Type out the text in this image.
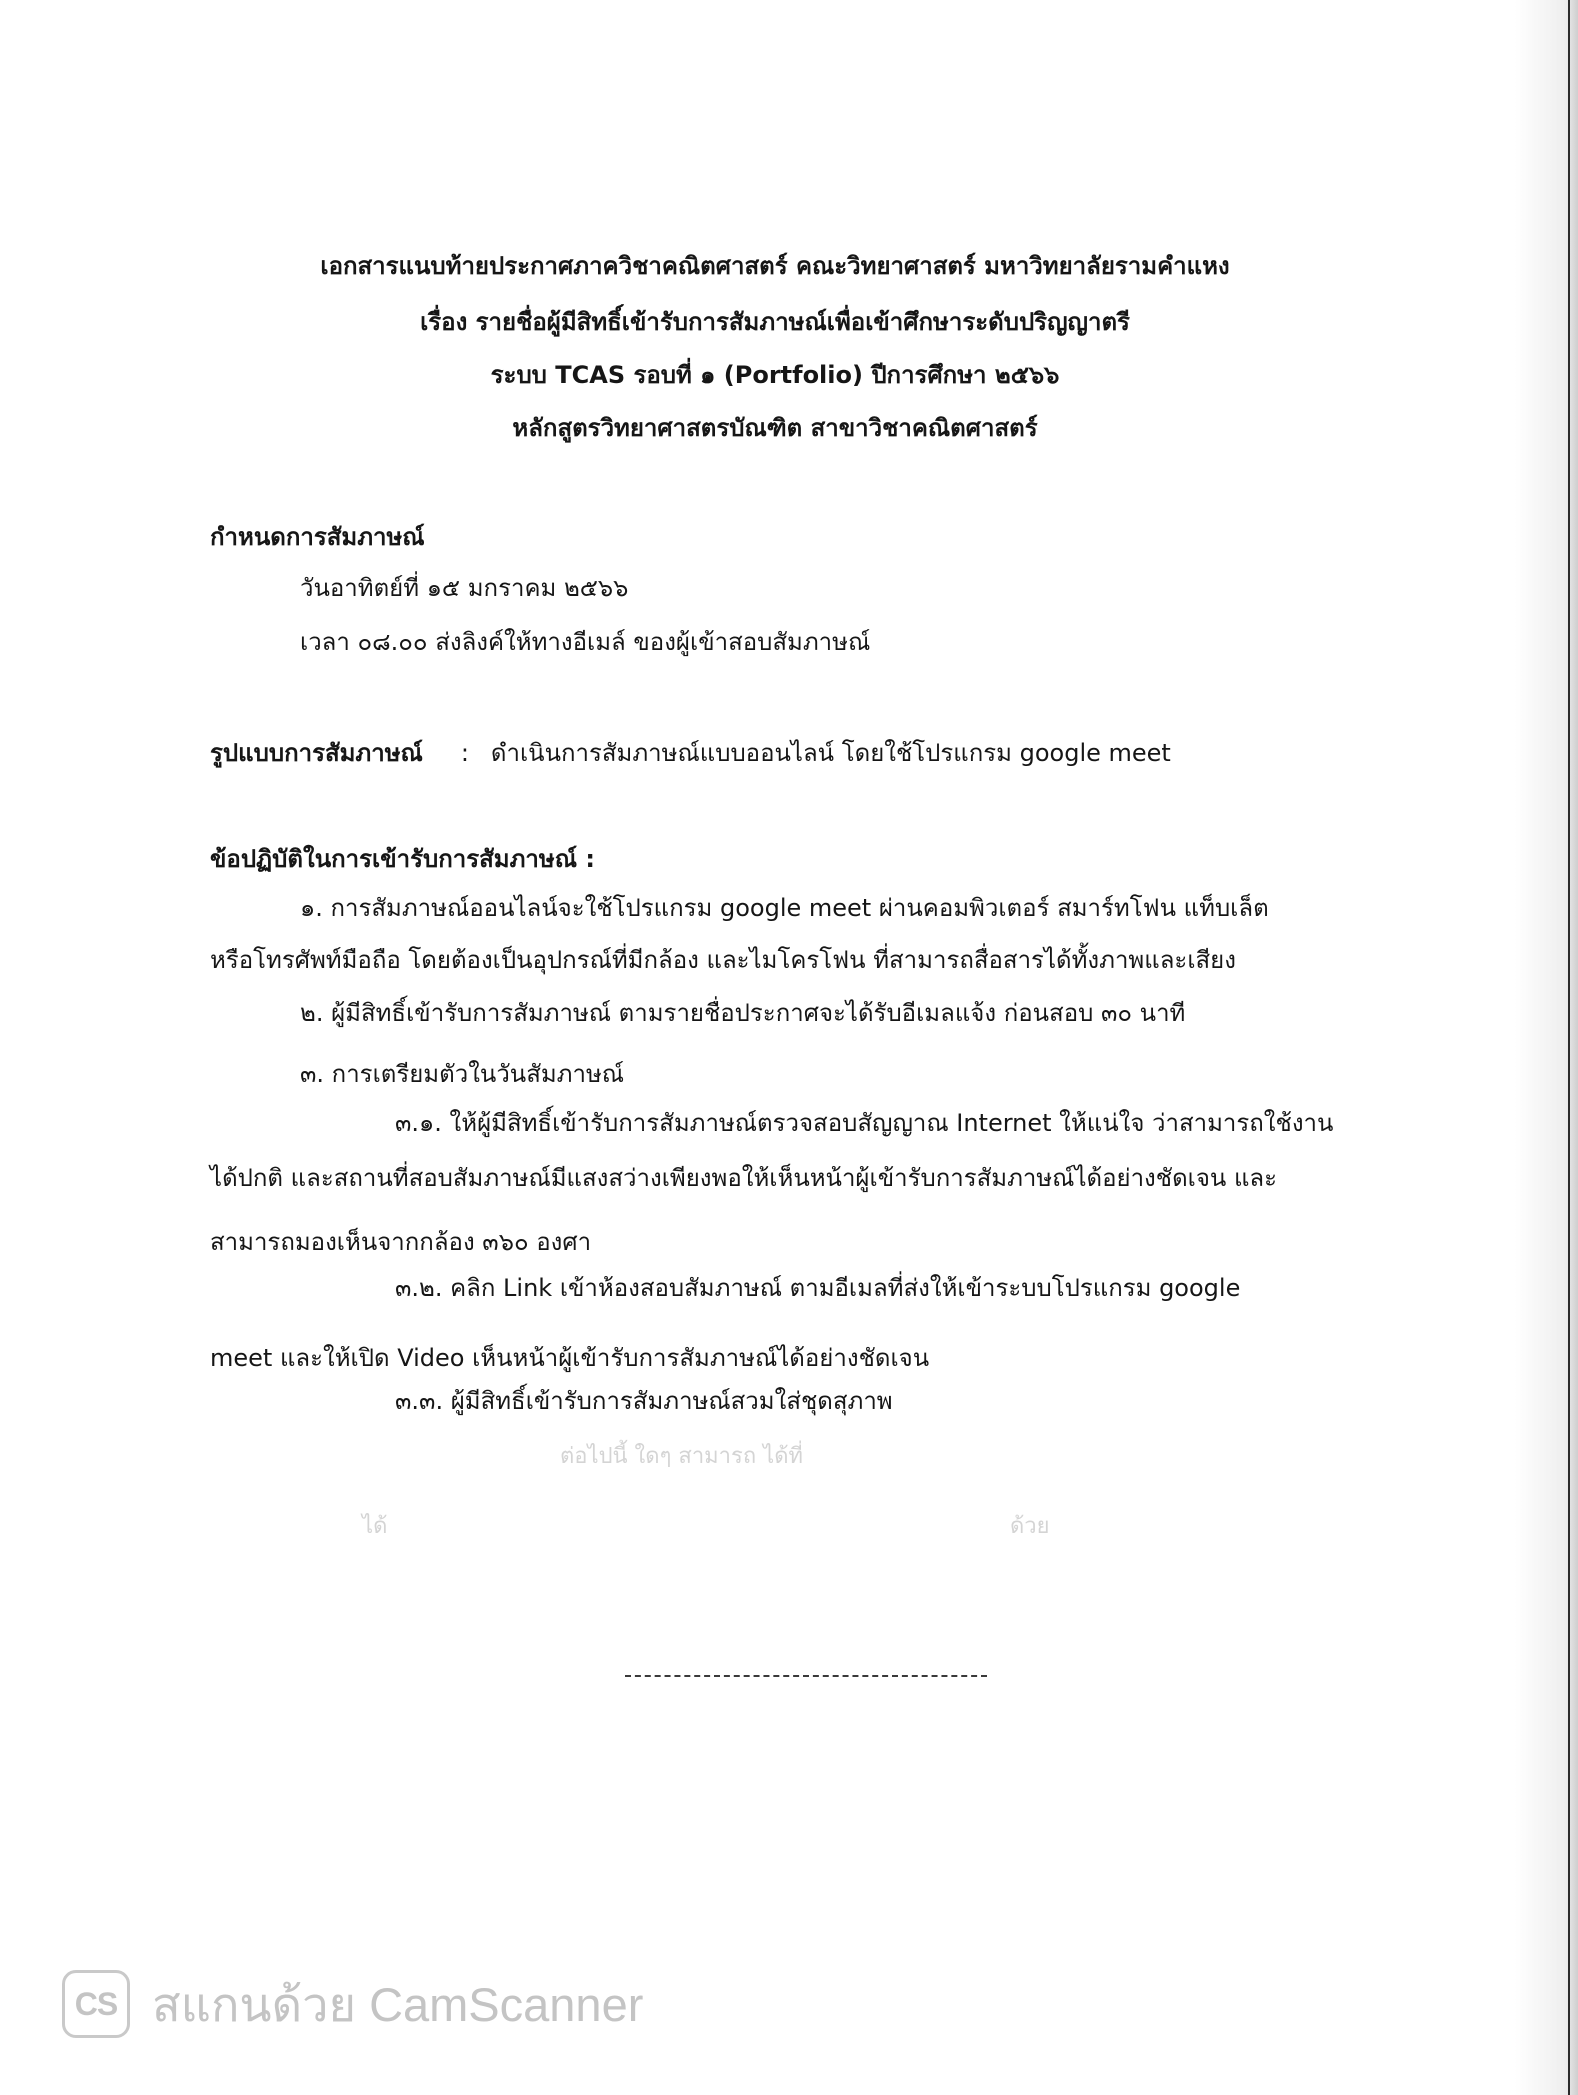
เอกสารแนบท้ายประกาศภาควิชาคณิตศาสตร์ คณะวิทยาศาสตร์ มหาวิทยาลัยรามคำแหง
เรื่อง รายชื่อผู้มีสิทธิ์เข้ารับการสัมภาษณ์เพื่อเข้าศึกษาระดับปริญญาตรี
ระบบ TCAS รอบที่ ๑ (Portfolio) ปีการศึกษา ๒๕๖๖
หลักสูตรวิทยาศาสตรบัณฑิต สาขาวิชาคณิตศาสตร์
กำหนดการสัมภาษณ์
วันอาทิตย์ที่ ๑๕ มกราคม ๒๕๖๖
เวลา ๐๘.๐๐ ส่งลิงค์ให้ทางอีเมล์ ของผู้เข้าสอบสัมภาษณ์
รูปแบบการสัมภาษณ์ : ดำเนินการสัมภาษณ์แบบออนไลน์ โดยใช้โปรแกรม google meet
ข้อปฏิบัติในการเข้ารับการสัมภาษณ์ :
๑. การสัมภาษณ์ออนไลน์จะใช้โปรแกรม google meet ผ่านคอมพิวเตอร์ สมาร์ทโฟน แท็บเล็ต
หรือโทรศัพท์มือถือ โดยต้องเป็นอุปกรณ์ที่มีกล้อง และไมโครโฟน ที่สามารถสื่อสารได้ทั้งภาพและเสียง
๒. ผู้มีสิทธิ์เข้ารับการสัมภาษณ์ ตามรายชื่อประกาศจะได้รับอีเมลแจ้ง ก่อนสอบ ๓๐ นาที
๓. การเตรียมตัวในวันสัมภาษณ์
๓.๑. ให้ผู้มีสิทธิ์เข้ารับการสัมภาษณ์ตรวจสอบสัญญาณ Internet ให้แน่ใจ ว่าสามารถใช้งาน
ได้ปกติ และสถานที่สอบสัมภาษณ์มีแสงสว่างเพียงพอให้เห็นหน้าผู้เข้ารับการสัมภาษณ์ได้อย่างชัดเจน และ
สามารถมองเห็นจากกล้อง ๓๖๐ องศา
๓.๒. คลิก Link เข้าห้องสอบสัมภาษณ์ ตามอีเมลที่ส่งให้เข้าระบบโปรแกรม google
meet และให้เปิด Video เห็นหน้าผู้เข้ารับการสัมภาษณ์ได้อย่างชัดเจน
๓.๓. ผู้มีสิทธิ์เข้ารับการสัมภาษณ์สวมใส่ชุดสุภาพ
ต่อไปนี้ ใดๆ สามารถ ได้ที่
ได้	ด้วย
CS สแกนด้วย CamScanner
